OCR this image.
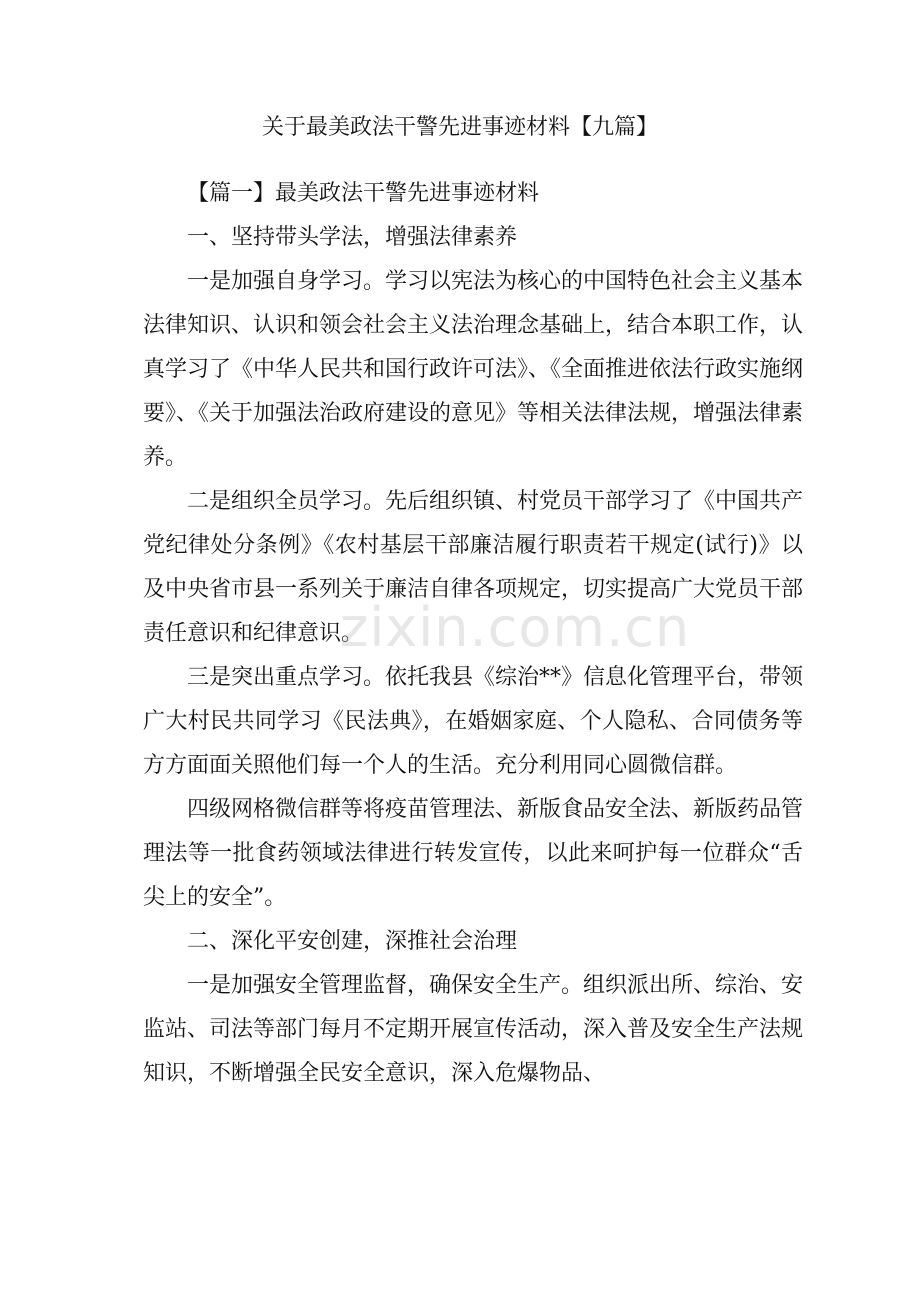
关于最美政法干警先进事迹材料【九篇】

【篇一】最美政法干警先进事迹材料

一、坚持带头学法，增强法律素养

一是加强自身学习。学习以宪法为核心的中国特色社会主义基本法律知识、认识和领会社会主义法治理念基础上，结合本职工作，认真学习了《中华人民共和国行政许可法》、《全面推进依法行政实施纲要》、《关于加强法治政府建设的意见》等相关法律法规，增强法律素养。

二是组织全员学习。先后组织镇、村党员干部学习了《中国共产党纪律处分条例》《农村基层干部廉洁履行职责若干规定(试行)》以及中央省市县一系列关于廉洁自律各项规定，切实提高广大党员干部责任意识和纪律意识。

三是突出重点学习。依托我县《综治**》信息化管理平台，带领广大村民共同学习《民法典》，在婚姻家庭、个人隐私、合同债务等方方面面关照他们每一个人的生活。充分利用同心圆微信群。

四级网格微信群等将疫苗管理法、新版食品安全法、新版药品管理法等一批食药领域法律进行转发宣传，以此来呵护每一位群众“舌尖上的安全”。

二、深化平安创建，深推社会治理

一是加强安全管理监督，确保安全生产。组织派出所、综治、安监站、司法等部门每月不定期开展宣传活动，深入普及安全生产法规知识，不断增强全民安全意识，深入危爆物品、

zixin.com.cn
